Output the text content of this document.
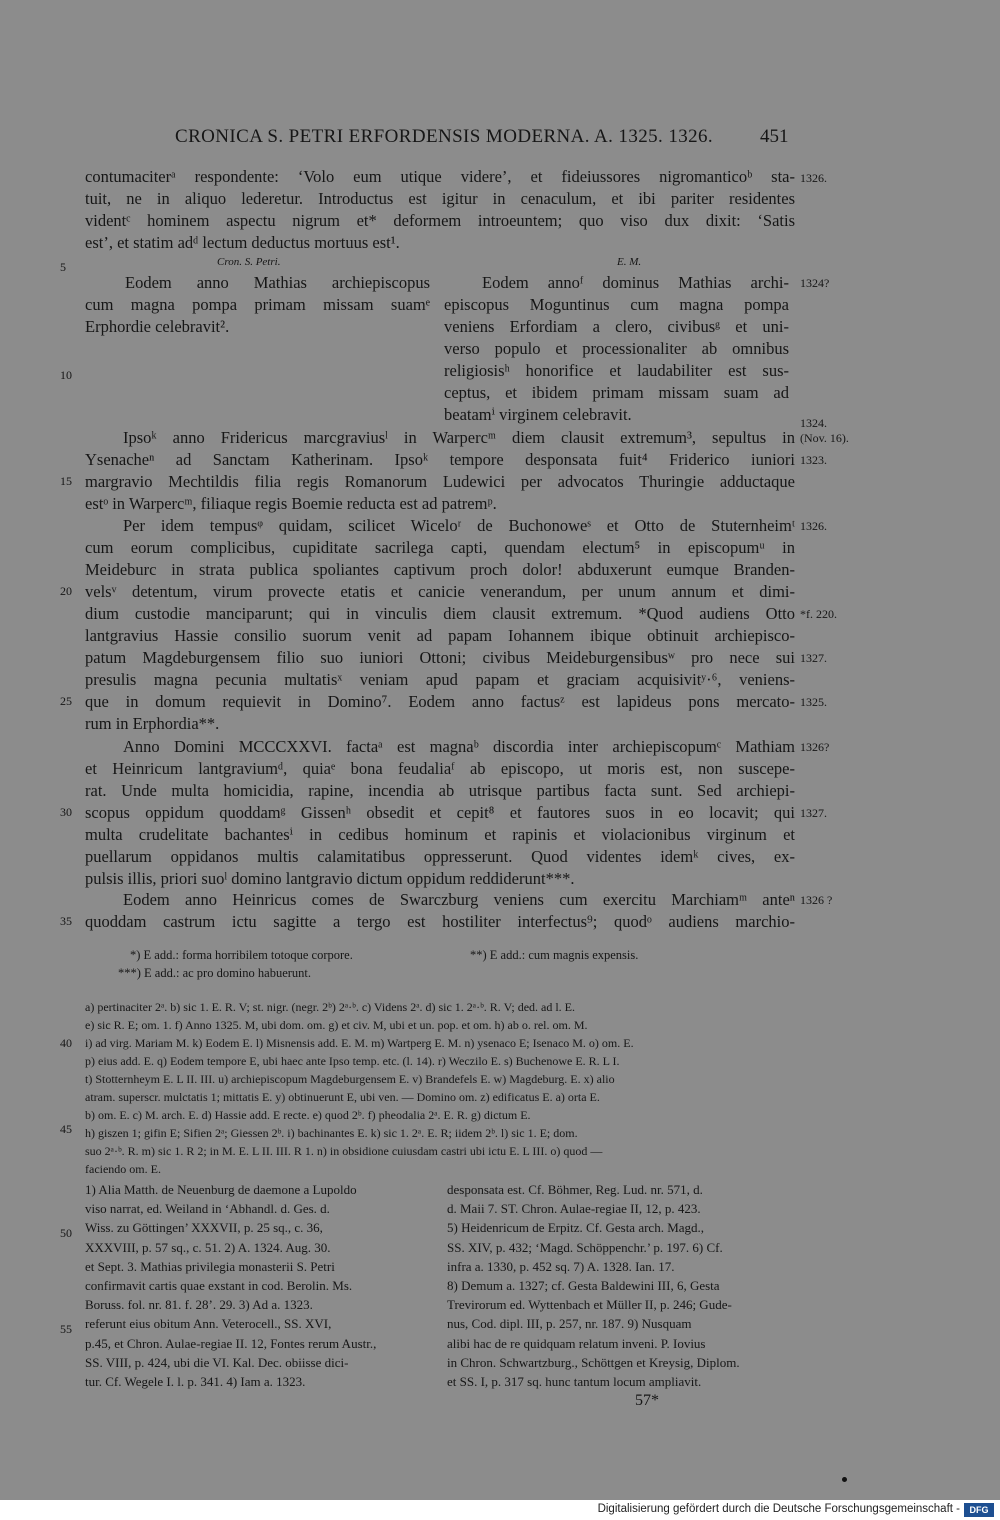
CRONICA S. PETRI ERFORDENSIS MODERNA. A. 1325. 1326. 451
contumaciterᵃ respondente: ‘Volo eum utique videre’, et fideiussores nigromanticoᵇ sta-
tuit, ne in aliquo lederetur. Introductus est igitur in cenaculum, et ibi pariter residentes
videntᶜ hominem aspectu nigrum et* deformem introeuntem; quo viso dux dixit: ‘Satis
est’, et statim adᵈ lectum deductus mortuus est¹.
Cron. S. Petri.	E. M.
Eodem anno Mathias archiepiscopus
cum magna pompa primam missam suamᵉ
Erphordie celebravit².
Eodem annoᶠ dominus Mathias archi-
episcopus Moguntinus cum magna pompa
veniens Erfordiam a clero, civibusᵍ et uni-
verso populo et processionaliter ab omnibus
religiosisʰ honorifice et laudabiliter est sus-
ceptus, et ibidem primam missam suam ad
beatamⁱ virginem celebravit.
Ipsoᵏ anno Fridericus marcgraviusˡ in Warpercᵐ diem clausit extremum³, sepultus in
Ysenacheⁿ ad Sanctam Katherinam. Ipsoᵏ tempore desponsata fuit⁴ Friderico iuniori
margravio Mechtildis filia regis Romanorum Ludewici per advocatos Thuringie adductaque
estᵒ in Warpercᵐ, filiaque regis Boemie reducta est ad patremᵖ.
Per idem tempusᵠ quidam, scilicet Wiceloʳ de Buchonoweˢ et Otto de Stuternheimᵗ
cum eorum complicibus, cupiditate sacrilega capti, quendam electum⁵ in episcopumᵘ in
Meideburc in strata publica spoliantes captivum proch dolor! abduxerunt eumque Branden-
velsᵛ detentum, virum provecte etatis et canicie venerandum, per unum annum et dimi-
dium custodie manciparunt; qui in vinculis diem clausit extremum. *Quod audiens Otto
lantgravius Hassie consilio suorum venit ad papam Iohannem ibique obtinuit archiepisco-
patum Magdeburgensem filio suo iuniori Ottoni; civibus Meideburgensibusʷ pro nece sui
presulis magna pecunia multatisˣ veniam apud papam et graciam acquisivitʸ·⁶, veniens-
que in domum requievit in Domino⁷. Eodem anno factusᶻ est lapideus pons mercato-
rum in Erphordia**.
Anno Domini MCCCXXVI. factaᵃ est magnaᵇ discordia inter archiepiscopumᶜ Mathiam
et Heinricum lantgraviumᵈ, quiaᵉ bona feudaliaᶠ ab episcopo, ut moris est, non suscepe-
rat. Unde multa homicidia, rapine, incendia ab utrisque partibus facta sunt. Sed archiepi-
scopus oppidum quoddamᵍ Gissenʰ obsedit et cepit⁸ et fautores suos in eo locavit; qui
multa crudelitate bachantesⁱ in cedibus hominum et rapinis et violacionibus virginum et
puellarum oppidanos multis calamitatibus oppresserunt. Quod videntes idemᵏ cives, ex-
pulsis illis, priori suoˡ domino lantgravio dictum oppidum reddiderunt***.
Eodem anno Heinricus comes de Swarczburg veniens cum exercitu Marchiamᵐ anteⁿ
quoddam castrum ictu sagitte a tergo est hostiliter interfectus⁹; quodᵒ audiens marchio-
5
10
15
20
25
30
35
40
45
50
55
1326.
1324?
1324.
(Nov. 16).
1323.
1326.
*f. 220.
1327.
1325.
1326?
1327.
1326 ?
*) E add.: forma horribilem totoque corpore.	**) E add.: cum magnis expensis.
***) E add.: ac pro domino habuerunt.
a) pertinaciter 2ᵃ. b) sic 1. E. R. V; st. nigr. (negr. 2ᵇ) 2ᵃ·ᵇ. c) Videns 2ᵃ. d) sic 1. 2ᵃ·ᵇ. R. V; ded. ad l. E.
e) sic R. E; om. 1. f) Anno 1325. M, ubi dom. om. g) et civ. M, ubi et un. pop. et om. h) ab o. rel. om. M.
i) ad virg. Mariam M. k) Eodem E. l) Misnensis add. E. M. m) Wartperg E. M. n) ysenaco E; Isenaco M. o) om. E.
p) eius add. E. q) Eodem tempore E, ubi haec ante Ipso temp. etc. (l. 14). r) Weczilo E. s) Buchenowe E. R. L I.
t) Stotternheym E. L II. III. u) archiepiscopum Magdeburgensem E. v) Brandefels E. w) Magdeburg. E. x) alio
atram. superscr. mulctatis 1; mittatis E. y) obtinuerunt E, ubi ven. — Domino om. z) edificatus E. a) orta E.
b) om. E. c) M. arch. E. d) Hassie add. E recte. e) quod 2ᵇ. f) pheodalia 2ᵃ. E. R. g) dictum E.
h) giszen 1; gifin E; Sifien 2ᵃ; Giessen 2ᵇ. i) bachinantes E. k) sic 1. 2ᵃ. E. R; iidem 2ᵇ. l) sic 1. E; dom.
suo 2ᵃ·ᵇ. R. m) sic 1. R 2; in M. E. L II. III. R 1. n) in obsidione cuiusdam castri ubi ictu E. L III. o) quod —
faciendo om. E.
1) Alia Matth. de Neuenburg de daemone a Lupoldo
viso narrat, ed. Weiland in ‘Abhandl. d. Ges. d.
Wiss. zu Göttingen’ XXXVII, p. 25 sq., c. 36,
XXXVIII, p. 57 sq., c. 51. 2) A. 1324. Aug. 30.
et Sept. 3. Mathias privilegia monasterii S. Petri
confirmavit cartis quae exstant in cod. Berolin. Ms.
Boruss. fol. nr. 81. f. 28’. 29. 3) Ad a. 1323.
referunt eius obitum Ann. Veterocell., SS. XVI,
p.45, et Chron. Aulae-regiae II. 12, Fontes rerum Austr.,
SS. VIII, p. 424, ubi die VI. Kal. Dec. obiisse dici-
tur. Cf. Wegele I. l. p. 341. 4) Iam a. 1323.
desponsata est. Cf. Böhmer, Reg. Lud. nr. 571, d.
d. Maii 7. ST. Chron. Aulae-regiae II, 12, p. 423.
5) Heidenricum de Erpitz. Cf. Gesta arch. Magd.,
SS. XIV, p. 432; ‘Magd. Schöppenchr.’ p. 197. 6) Cf.
infra a. 1330, p. 452 sq. 7) A. 1328. Ian. 17.
8) Demum a. 1327; cf. Gesta Baldewini III, 6, Gesta
Trevirorum ed. Wyttenbach et Müller II, p. 246; Gude-
nus, Cod. dipl. III, p. 257, nr. 187. 9) Nusquam
alibi hac de re quidquam relatum inveni. P. Iovius
in Chron. Schwartzburg., Schöttgen et Kreysig, Diplom.
et SS. I, p. 317 sq. hunc tantum locum ampliavit.
57*
Digitalisierung gefördert durch die Deutsche Forschungsgemeinschaft -	DFG
